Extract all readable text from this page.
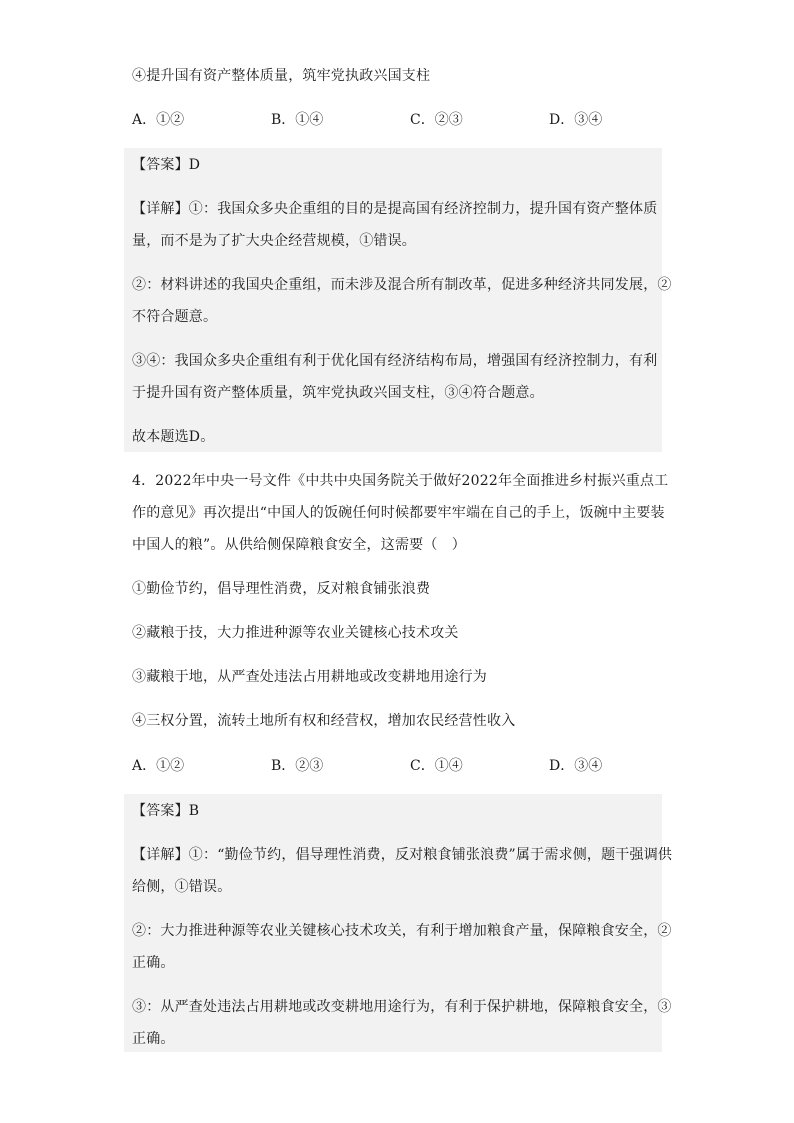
④提升国有资产整体质量，筑牢党执政兴国支柱
A．①②	B．①④	C．②③	D．③④
【答案】D
【详解】①：我国众多央企重组的目的是提高国有经济控制力，提升国有资产整体质
量，而不是为了扩大央企经营规模，①错误。
②：材料讲述的我国央企重组，而未涉及混合所有制改革，促进多种经济共同发展，②
不符合题意。
③④：我国众多央企重组有利于优化国有经济结构布局，增强国有经济控制力，有利
于提升国有资产整体质量，筑牢党执政兴国支柱，③④符合题意。
故本题选D。
4．2022年中央一号文件《中共中央国务院关于做好2022年全面推进乡村振兴重点工
作的意见》再次提出“中国人的饭碗任何时候都要牢牢端在自己的手上，饭碗中主要装
中国人的粮”。从供给侧保障粮食安全，这需要（　）
①勤俭节约，倡导理性消费，反对粮食铺张浪费
②藏粮于技，大力推进种源等农业关键核心技术攻关
③藏粮于地，从严查处违法占用耕地或改变耕地用途行为
④三权分置，流转土地所有权和经营权，增加农民经营性收入
A．①②	B．②③	C．①④	D．③④
【答案】B
【详解】①：“勤俭节约，倡导理性消费，反对粮食铺张浪费”属于需求侧，题干强调供
给侧，①错误。
②：大力推进种源等农业关键核心技术攻关，有利于增加粮食产量，保障粮食安全，②
正确。
③：从严查处违法占用耕地或改变耕地用途行为，有利于保护耕地，保障粮食安全，③
正确。
